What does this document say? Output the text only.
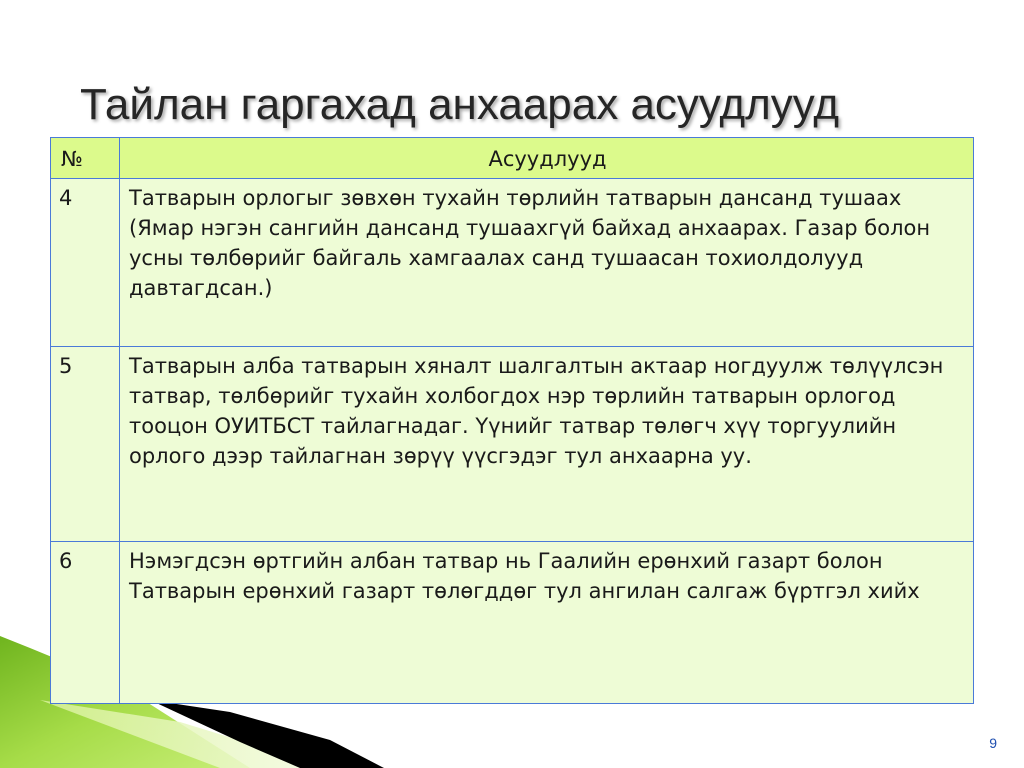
Тайлан гаргахад анхаарах асуудлууд
№	Асуудлууд
4	Татварын орлогыг зөвхөн тухайн төрлийн татварын дансанд тушаах (Ямар нэгэн сангийн дансанд тушаахгүй байхад анхаарах. Газар болон усны төлбөрийг байгаль хамгаалах санд тушаасан тохиолдолууд давтагдсан.)
5	Татварын алба татварын хяналт шалгалтын актаар ногдуулж төлүүлсэн татвар, төлбөрийг тухайн холбогдох нэр төрлийн татварын орлогод тооцон ОУИТБСТ тайлагнадаг. Үүнийг татвар төлөгч хүү торгуулийн орлого дээр тайлагнан зөрүү үүсгэдэг тул анхаарна уу.
6	Нэмэгдсэн өртгийн албан татвар нь Гаалийн ерөнхий газарт болон Татварын ерөнхий газарт төлөгддөг тул ангилан салгаж бүртгэл хийх
9
